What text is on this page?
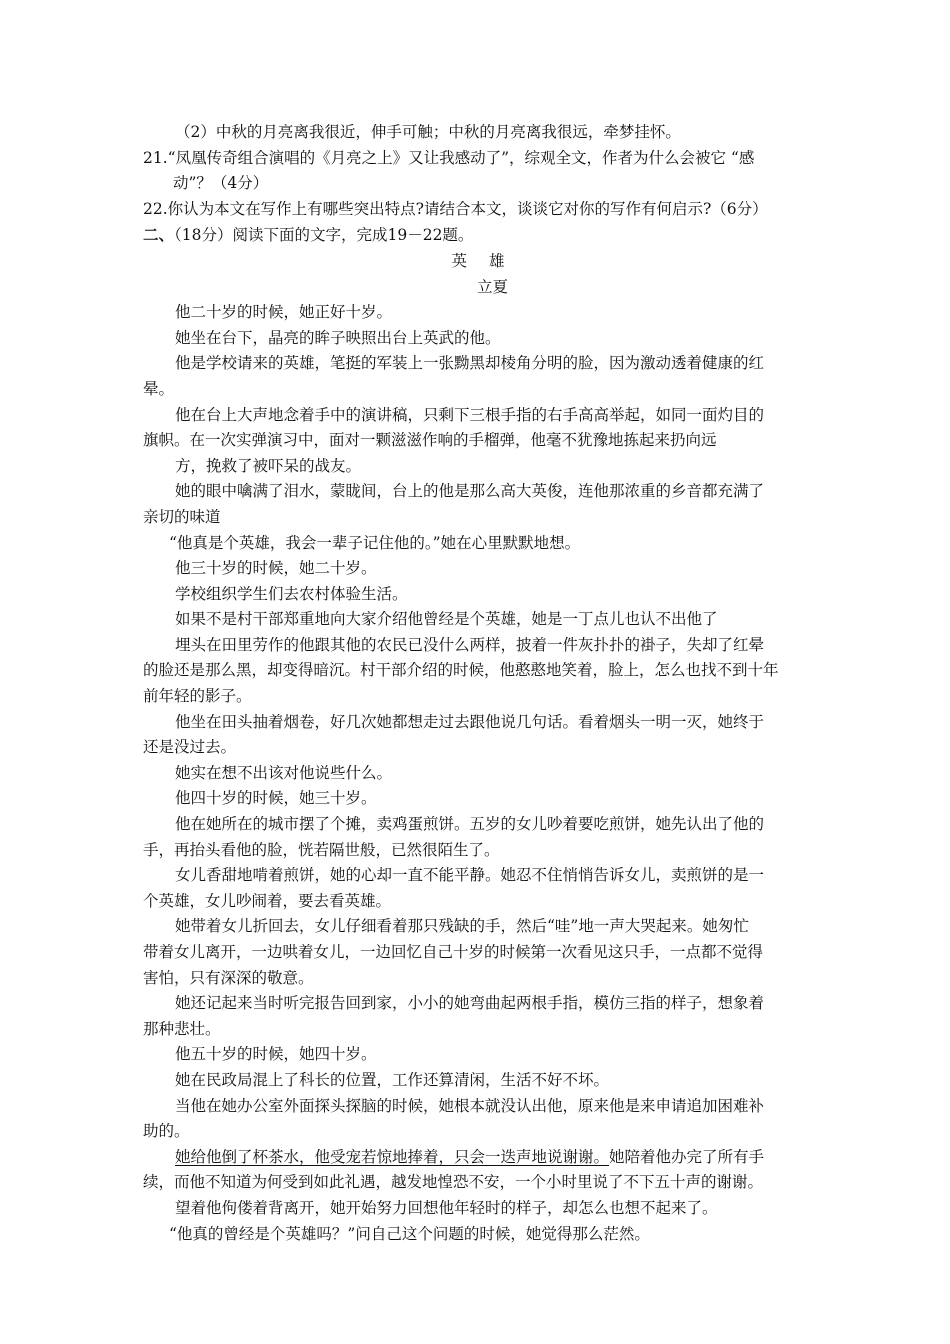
（2）中秋的月亮离我很近，伸手可触；中秋的月亮离我很远，牵梦挂怀。

21.“凤凰传奇组合演唱的《月亮之上》又让我感动了”，综观全文，作者为什么会被它 “感

动”？（4分）

22.你认为本文在写作上有哪些突出特点?请结合本文，谈谈它对你的写作有何启示?（6分）

二、（18分）阅读下面的文字，完成19－22题。

英雄

立夏

他二十岁的时候，她正好十岁。

她坐在台下，晶亮的眸子映照出台上英武的他。

他是学校请来的英雄，笔挺的军装上一张黝黑却棱角分明的脸，因为激动透着健康的红

晕。

他在台上大声地念着手中的演讲稿，只剩下三根手指的右手高高举起，如同一面灼目的

旗帜。在一次实弹演习中，面对一颗滋滋作响的手榴弹，他毫不犹豫地拣起来扔向远

方，挽救了被吓呆的战友。

她的眼中噙满了泪水，蒙眬间，台上的他是那么高大英俊，连他那浓重的乡音都充满了

亲切的味道

“他真是个英雄，我会一辈子记住他的。”她在心里默默地想。

他三十岁的时候，她二十岁。

学校组织学生们去农村体验生活。

如果不是村干部郑重地向大家介绍他曾经是个英雄，她是一丁点儿也认不出他了

埋头在田里劳作的他跟其他的农民已没什么两样，披着一件灰扑扑的褂子，失却了红晕

的脸还是那么黑，却变得暗沉。村干部介绍的时候，他憨憨地笑着，脸上，怎么也找不到十年

前年轻的影子。

他坐在田头抽着烟卷，好几次她都想走过去跟他说几句话。看着烟头一明一灭，她终于

还是没过去。

她实在想不出该对他说些什么。

他四十岁的时候，她三十岁。

他在她所在的城市摆了个摊，卖鸡蛋煎饼。五岁的女儿吵着要吃煎饼，她先认出了他的

手，再抬头看他的脸，恍若隔世般，已然很陌生了。

女儿香甜地啃着煎饼，她的心却一直不能平静。她忍不住悄悄告诉女儿，卖煎饼的是一

个英雄，女儿吵闹着，要去看英雄。

她带着女儿折回去，女儿仔细看着那只残缺的手，然后“哇”地一声大哭起来。她匆忙

带着女儿离开，一边哄着女儿，一边回忆自己十岁的时候第一次看见这只手，一点都不觉得

害怕，只有深深的敬意。

她还记起来当时听完报告回到家，小小的她弯曲起两根手指，模仿三指的样子，想象着

那种悲壮。

他五十岁的时候，她四十岁。

她在民政局混上了科长的位置，工作还算清闲，生活不好不坏。

当他在她办公室外面探头探脑的时候，她根本就没认出他，原来他是来申请追加困难补

助的。

她给他倒了杯茶水，他受宠若惊地捧着，只会一迭声地说谢谢。她陪着他办完了所有手

续，而他不知道为何受到如此礼遇，越发地惶恐不安，一个小时里说了不下五十声的谢谢。

望着他佝偻着背离开，她开始努力回想他年轻时的样子，却怎么也想不起来了。

“他真的曾经是个英雄吗？”问自己这个问题的时候，她觉得那么茫然。
